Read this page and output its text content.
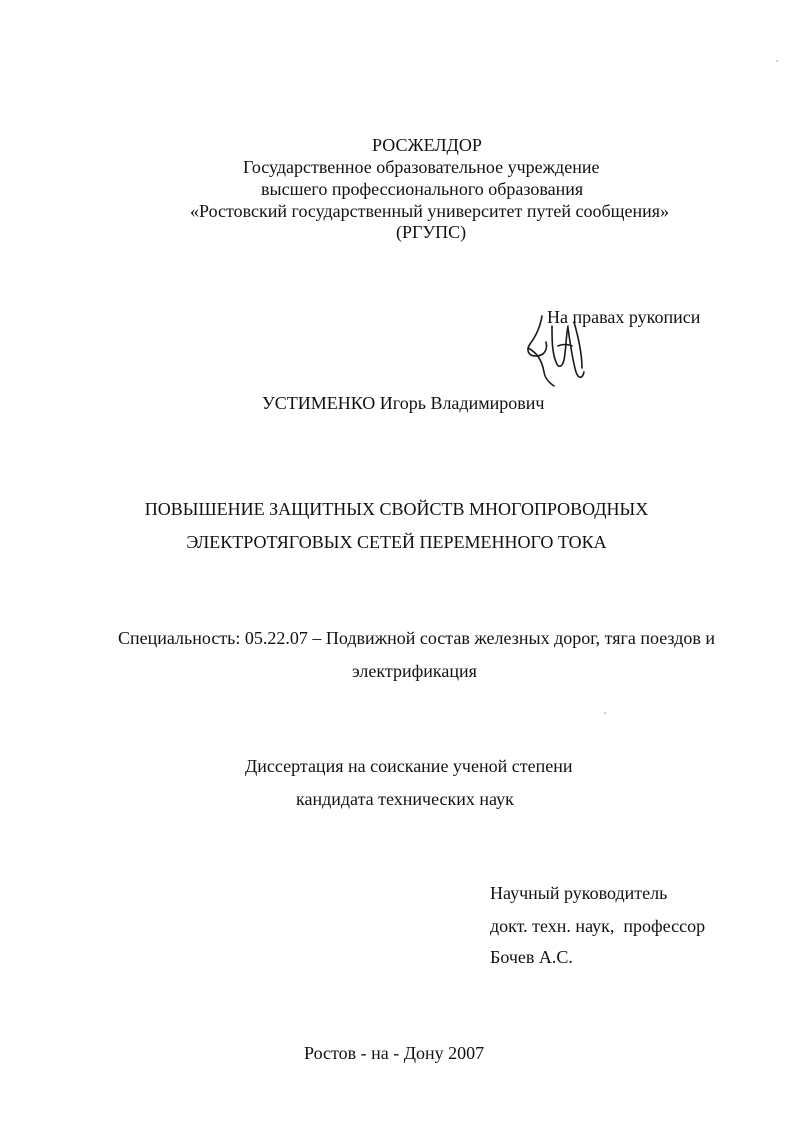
РОСЖЕЛДОР
Государственное образовательное учреждение
высшего профессионального образования
«Ростовский государственный университет путей сообщения»
(РГУПС)
На правах рукописи
УСТИМЕНКО Игорь Владимирович
ПОВЫШЕНИЕ ЗАЩИТНЫХ СВОЙСТВ МНОГОПРОВОДНЫХ
ЭЛЕКТРОТЯГОВЫХ СЕТЕЙ ПЕРЕМЕННОГО ТОКА
Специальность: 05.22.07 – Подвижной состав железных дорог, тяга поездов и
электрификация
Диссертация на соискание ученой степени
кандидата технических наук
Научный руководитель
докт. техн. наук,  профессор
Бочев А.С.
Ростов - на - Дону 2007
